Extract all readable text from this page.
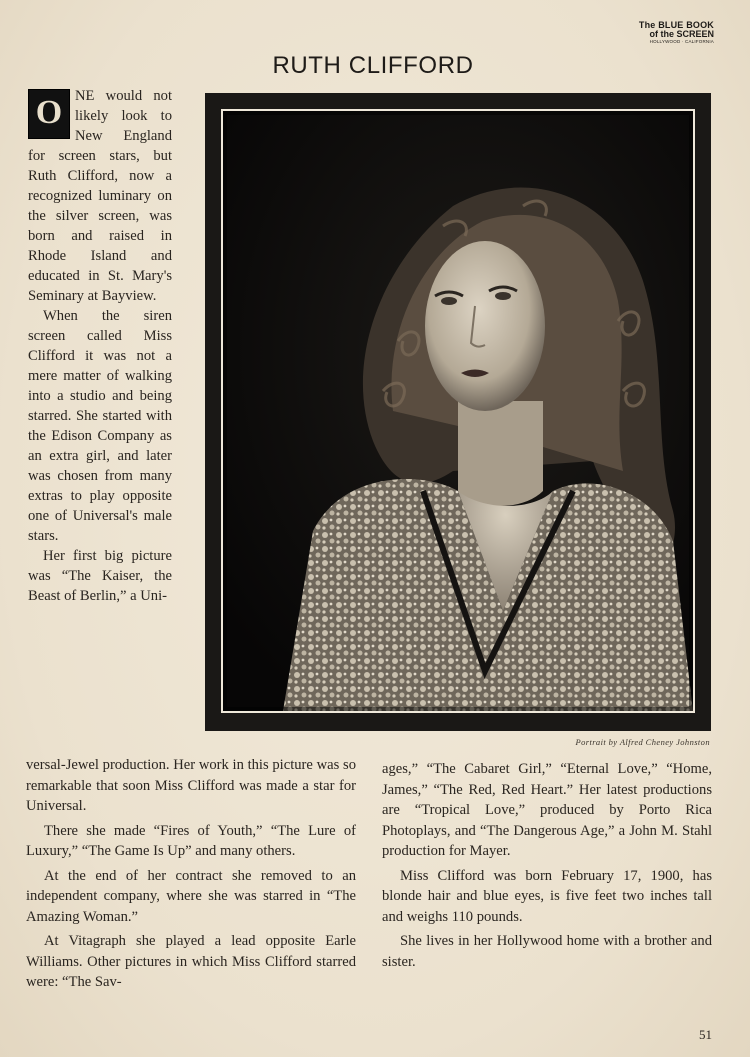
The BLUE BOOK
of the SCREEN
HOLLYWOOD · CALIFORNIA
RUTH CLIFFORD
O NE would not likely look to New England for screen stars, but Ruth Clifford, now a recognized luminary on the silver screen, was born and raised in Rhode Island and educated in St. Mary's Seminary at Bayview.

When the siren screen called Miss Clifford it was not a mere matter of walking into a studio and being starred. She started with the Edison Company as an extra girl, and later was chosen from many extras to play opposite one of Universal's male stars.

Her first big picture was “The Kaiser, the Beast of Berlin,” a Uni-

Portrait by Alfred Cheney Johnston

versal-Jewel production. Her work in this picture was so remarkable that soon Miss Clifford was made a star for Universal.

There she made “Fires of Youth,” “The Lure of Luxury,” “The Game Is Up” and many others.

At the end of her contract she removed to an independent company, where she was starred in “The Amazing Woman.”

At Vitagraph she played a lead opposite Earle Williams. Other pictures in which Miss Clifford starred were: “The Sav-

ages,” “The Cabaret Girl,” “Eternal Love,” “Home, James,” “The Red, Red Heart.” Her latest productions are “Tropical Love,” produced by Porto Rica Photoplays, and “The Dangerous Age,” a John M. Stahl production for Mayer.

Miss Clifford was born February 17, 1900, has blonde hair and blue eyes, is five feet two inches tall and weighs 110 pounds.

She lives in her Hollywood home with a brother and sister.

51
